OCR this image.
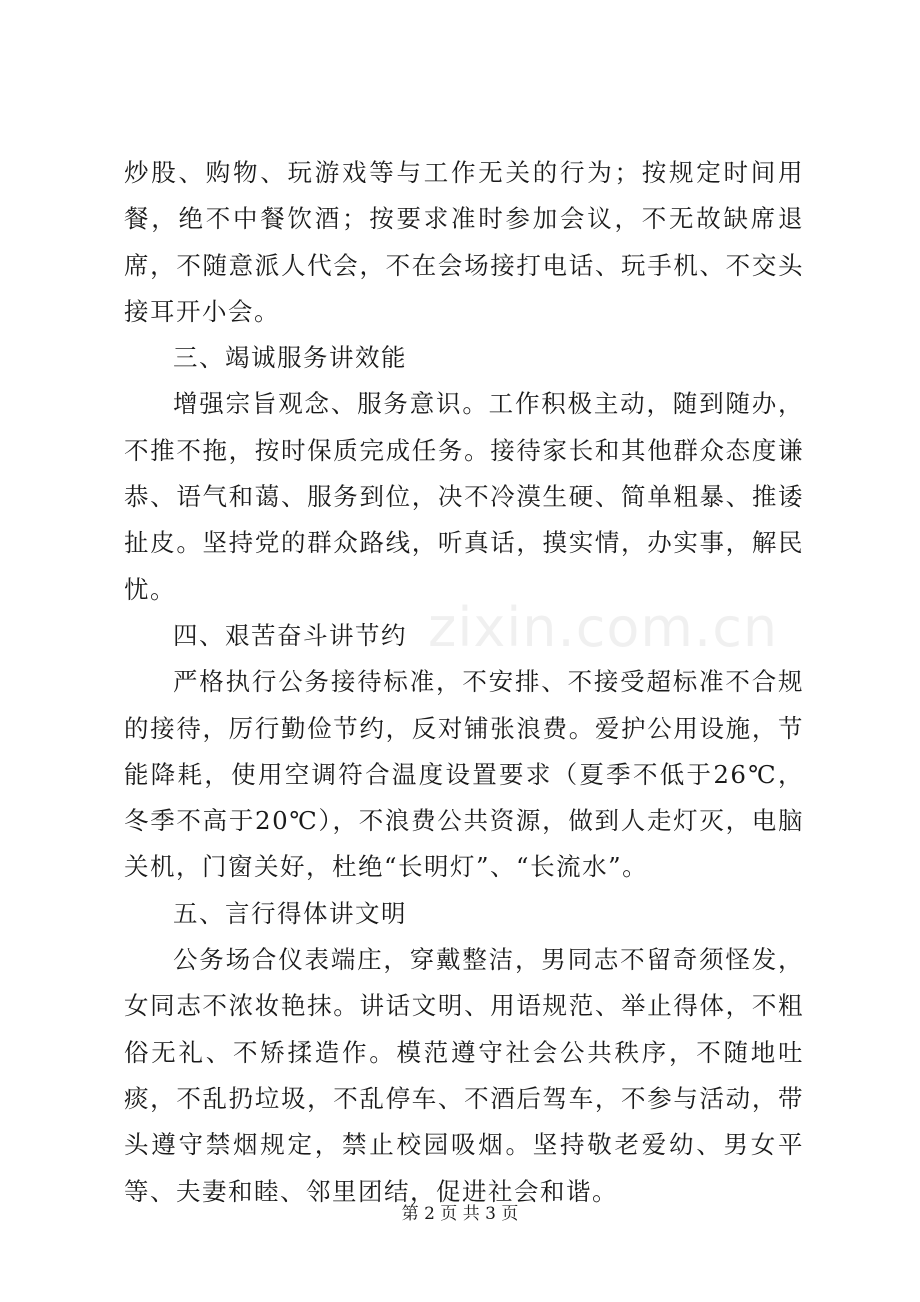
炒股、购物、玩游戏等与工作无关的行为；按规定时间用餐，绝不中餐饮酒；按要求准时参加会议，不无故缺席退席，不随意派人代会，不在会场接打电话、玩手机、不交头接耳开小会。

三、竭诚服务讲效能

增强宗旨观念、服务意识。工作积极主动，随到随办，不推不拖，按时保质完成任务。接待家长和其他群众态度谦恭、语气和蔼、服务到位，决不冷漠生硬、简单粗暴、推诿扯皮。坚持党的群众路线，听真话，摸实情，办实事，解民忧。

四、艰苦奋斗讲节约

严格执行公务接待标准，不安排、不接受超标准不合规的接待，厉行勤俭节约，反对铺张浪费。爱护公用设施，节能降耗，使用空调符合温度设置要求（夏季不低于26℃，冬季不高于20℃），不浪费公共资源，做到人走灯灭，电脑关机，门窗关好，杜绝“长明灯”、“长流水”。

五、言行得体讲文明

公务场合仪表端庄，穿戴整洁，男同志不留奇须怪发，女同志不浓妆艳抹。讲话文明、用语规范、举止得体，不粗俗无礼、不矫揉造作。模范遵守社会公共秩序，不随地吐痰，不乱扔垃圾，不乱停车、不酒后驾车，不参与活动，带头遵守禁烟规定，禁止校园吸烟。坚持敬老爱幼、男女平等、夫妻和睦、邻里团结，促进社会和谐。

zixin.com.cn
第 2 页 共 3 页
